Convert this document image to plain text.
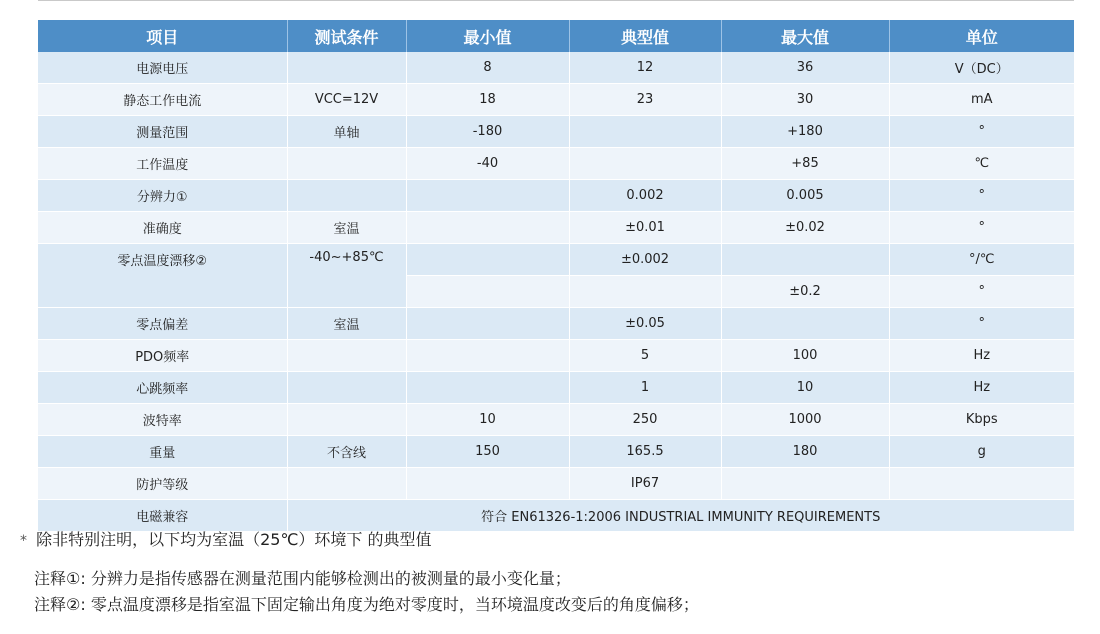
项目	测试条件	最小值	典型值	最大值	单位
电源电压		8	12	36	V（DC）
静态工作电流	VCC=12V	18	23	30	mA
测量范围	单轴	-180		+180	°
工作温度		-40		+85	℃
分辨力①			0.002	0.005	°
准确度	室温		±0.01	±0.02	°
零点温度漂移②	-40~+85℃		±0.002		°/℃
				±0.2	°
零点偏差	室温		±0.05		°
PDO频率			5	100	Hz
心跳频率			1	10	Hz
波特率		10	250	1000	Kbps
重量	不含线	150	165.5	180	g
防护等级			IP67		
电磁兼容	符合 EN61326-1:2006 INDUSTRIAL IMMUNITY REQUIREMENTS				
* 除非特别注明，以下均为室温（25℃）环境下 的典型值
注释①: 分辨力是指传感器在测量范围内能够检测出的被测量的最小变化量；
注释②: 零点温度漂移是指室温下固定输出角度为绝对零度时，当环境温度改变后的角度偏移；
